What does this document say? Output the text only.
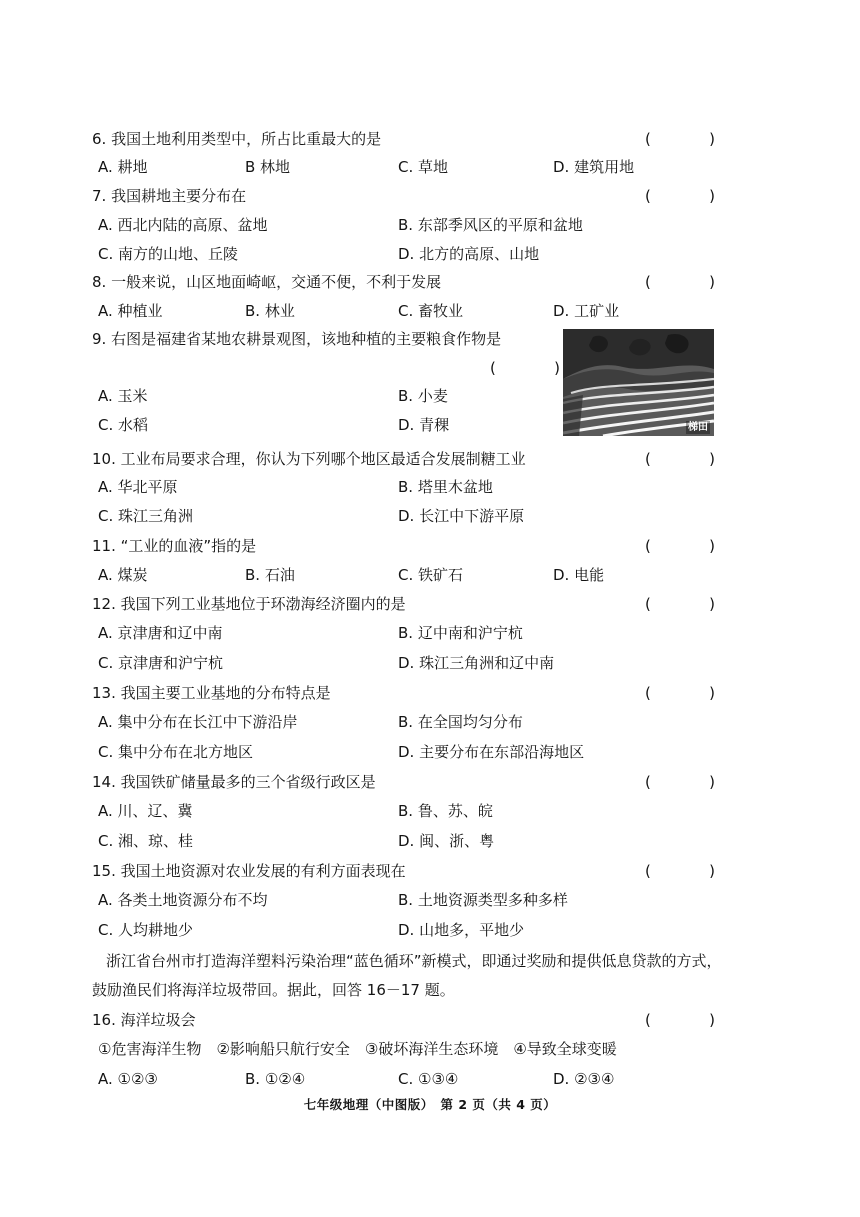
6. 我国土地利用类型中，所占比重最大的是	(	)
A. 耕地	B 林地	C. 草地	D. 建筑用地
7. 我国耕地主要分布在	(	)
A. 西北内陆的高原、盆地	B. 东部季风区的平原和盆地
C. 南方的山地、丘陵	D. 北方的高原、山地
8. 一般来说，山区地面崎岖，交通不便，不利于发展	(	)
A. 种植业	B. 林业	C. 畜牧业	D. 工矿业
9. 右图是福建省某地农耕景观图，该地种植的主要粮食作物是
(	)
A. 玉米	B. 小麦
C. 水稻	D. 青稞	梯田
10. 工业布局要求合理，你认为下列哪个地区最适合发展制糖工业	(	)
A. 华北平原	B. 塔里木盆地
C. 珠江三角洲	D. 长江中下游平原
11. “工业的血液”指的是	(	)
A. 煤炭	B. 石油	C. 铁矿石	D. 电能
12. 我国下列工业基地位于环渤海经济圈内的是	(	)
A. 京津唐和辽中南	B. 辽中南和沪宁杭
C. 京津唐和沪宁杭	D. 珠江三角洲和辽中南
13. 我国主要工业基地的分布特点是	(	)
A. 集中分布在长江中下游沿岸	B. 在全国均匀分布
C. 集中分布在北方地区	D. 主要分布在东部沿海地区
14. 我国铁矿储量最多的三个省级行政区是	(	)
A. 川、辽、冀	B. 鲁、苏、皖
C. 湘、琼、桂	D. 闽、浙、粤
15. 我国土地资源对农业发展的有利方面表现在	(	)
A. 各类土地资源分布不均	B. 土地资源类型多种多样
C. 人均耕地少	D. 山地多，平地少
浙江省台州市打造海洋塑料污染治理“蓝色循环”新模式，即通过奖励和提供低息贷款的方式，鼓励渔民们将海洋垃圾带回。据此，回答 16－17 题。
16. 海洋垃圾会	(	)
①危害海洋生物　②影响船只航行安全　③破坏海洋生态环境　④导致全球变暖
A. ①②③	B. ①②④	C. ①③④	D. ②③④
七年级地理（中图版）　第 2 页（共 4 页）
